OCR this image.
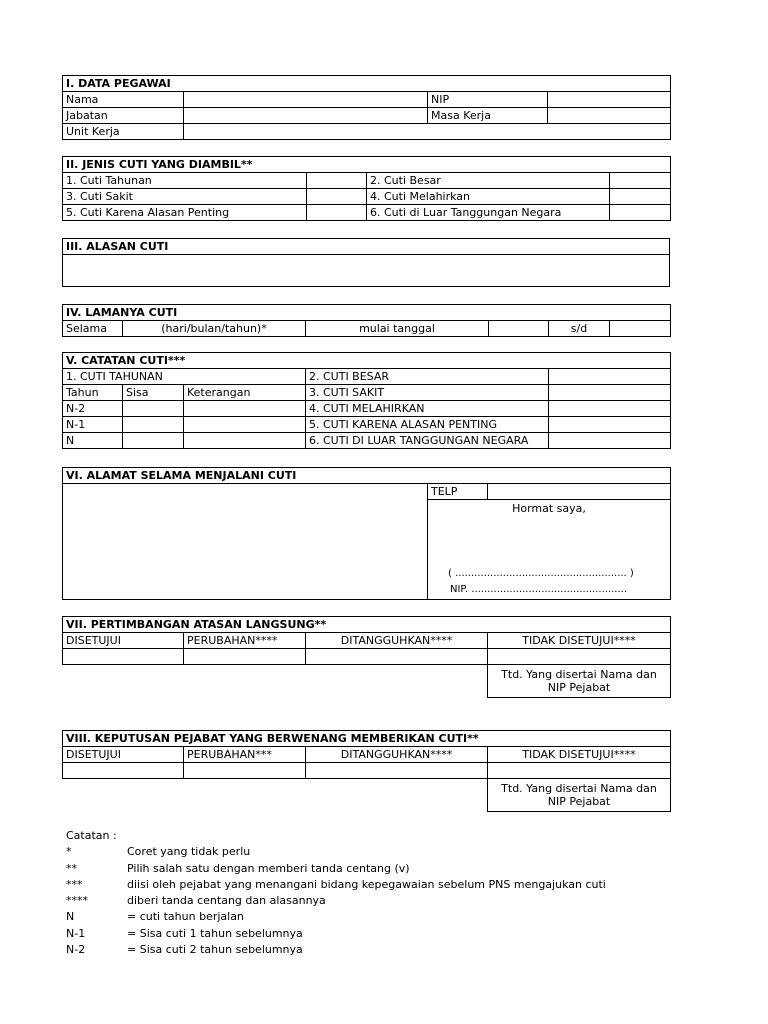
I. DATA PEGAWAI			
Nama		NIP	
Jabatan		Masa Kerja	
Unit Kerja			
II. JENIS CUTI YANG DIAMBIL**			
1. Cuti Tahunan		2. Cuti Besar	
3. Cuti Sakit		4. Cuti Melahirkan	
5. Cuti Karena Alasan Penting		6. Cuti di Luar Tanggungan Negara	
III. ALASAN CUTI

IV. LAMANYA CUTI
Selama	(hari/bulan/tahun)*	mulai tanggal		s/d	
V. CATATAN CUTI***				
1. CUTI TAHUNAN			2. CUTI BESAR	
Tahun	Sisa	Keterangan	3. CUTI SAKIT	
N-2			4. CUTI MELAHIRKAN	
N-1			5. CUTI KARENA ALASAN PENTING	
N			6. CUTI DI LUAR TANGGUNGAN NEGARA	
VI. ALAMAT SELAMA MENJALANI CUTI
	TELP	

Hormat saya,
( ...................................................... )
NIP. .................................................
VII. PERTIMBANGAN ATASAN LANGSUNG**			
DISETUJUI	PERUBAHAN****	DITANGGUHKAN****	TIDAK DISETUJUI****

			Ttd. Yang disertai Nama dan
NIP Pejabat
VIII. KEPUTUSAN PEJABAT YANG BERWENANG MEMBERIKAN CUTI**			
DISETUJUI	PERUBAHAN***	DITANGGUHKAN****	TIDAK DISETUJUI****

			Ttd. Yang disertai Nama dan
NIP Pejabat
Catatan :
*	Coret yang tidak perlu
**	Pilih salah satu dengan memberi tanda centang (v)
***	diisi oleh pejabat yang menangani bidang kepegawaian sebelum PNS mengajukan cuti
****	diberi tanda centang dan alasannya
N	= cuti tahun berjalan
N-1	= Sisa cuti 1 tahun sebelumnya
N-2	= Sisa cuti 2 tahun sebelumnya
